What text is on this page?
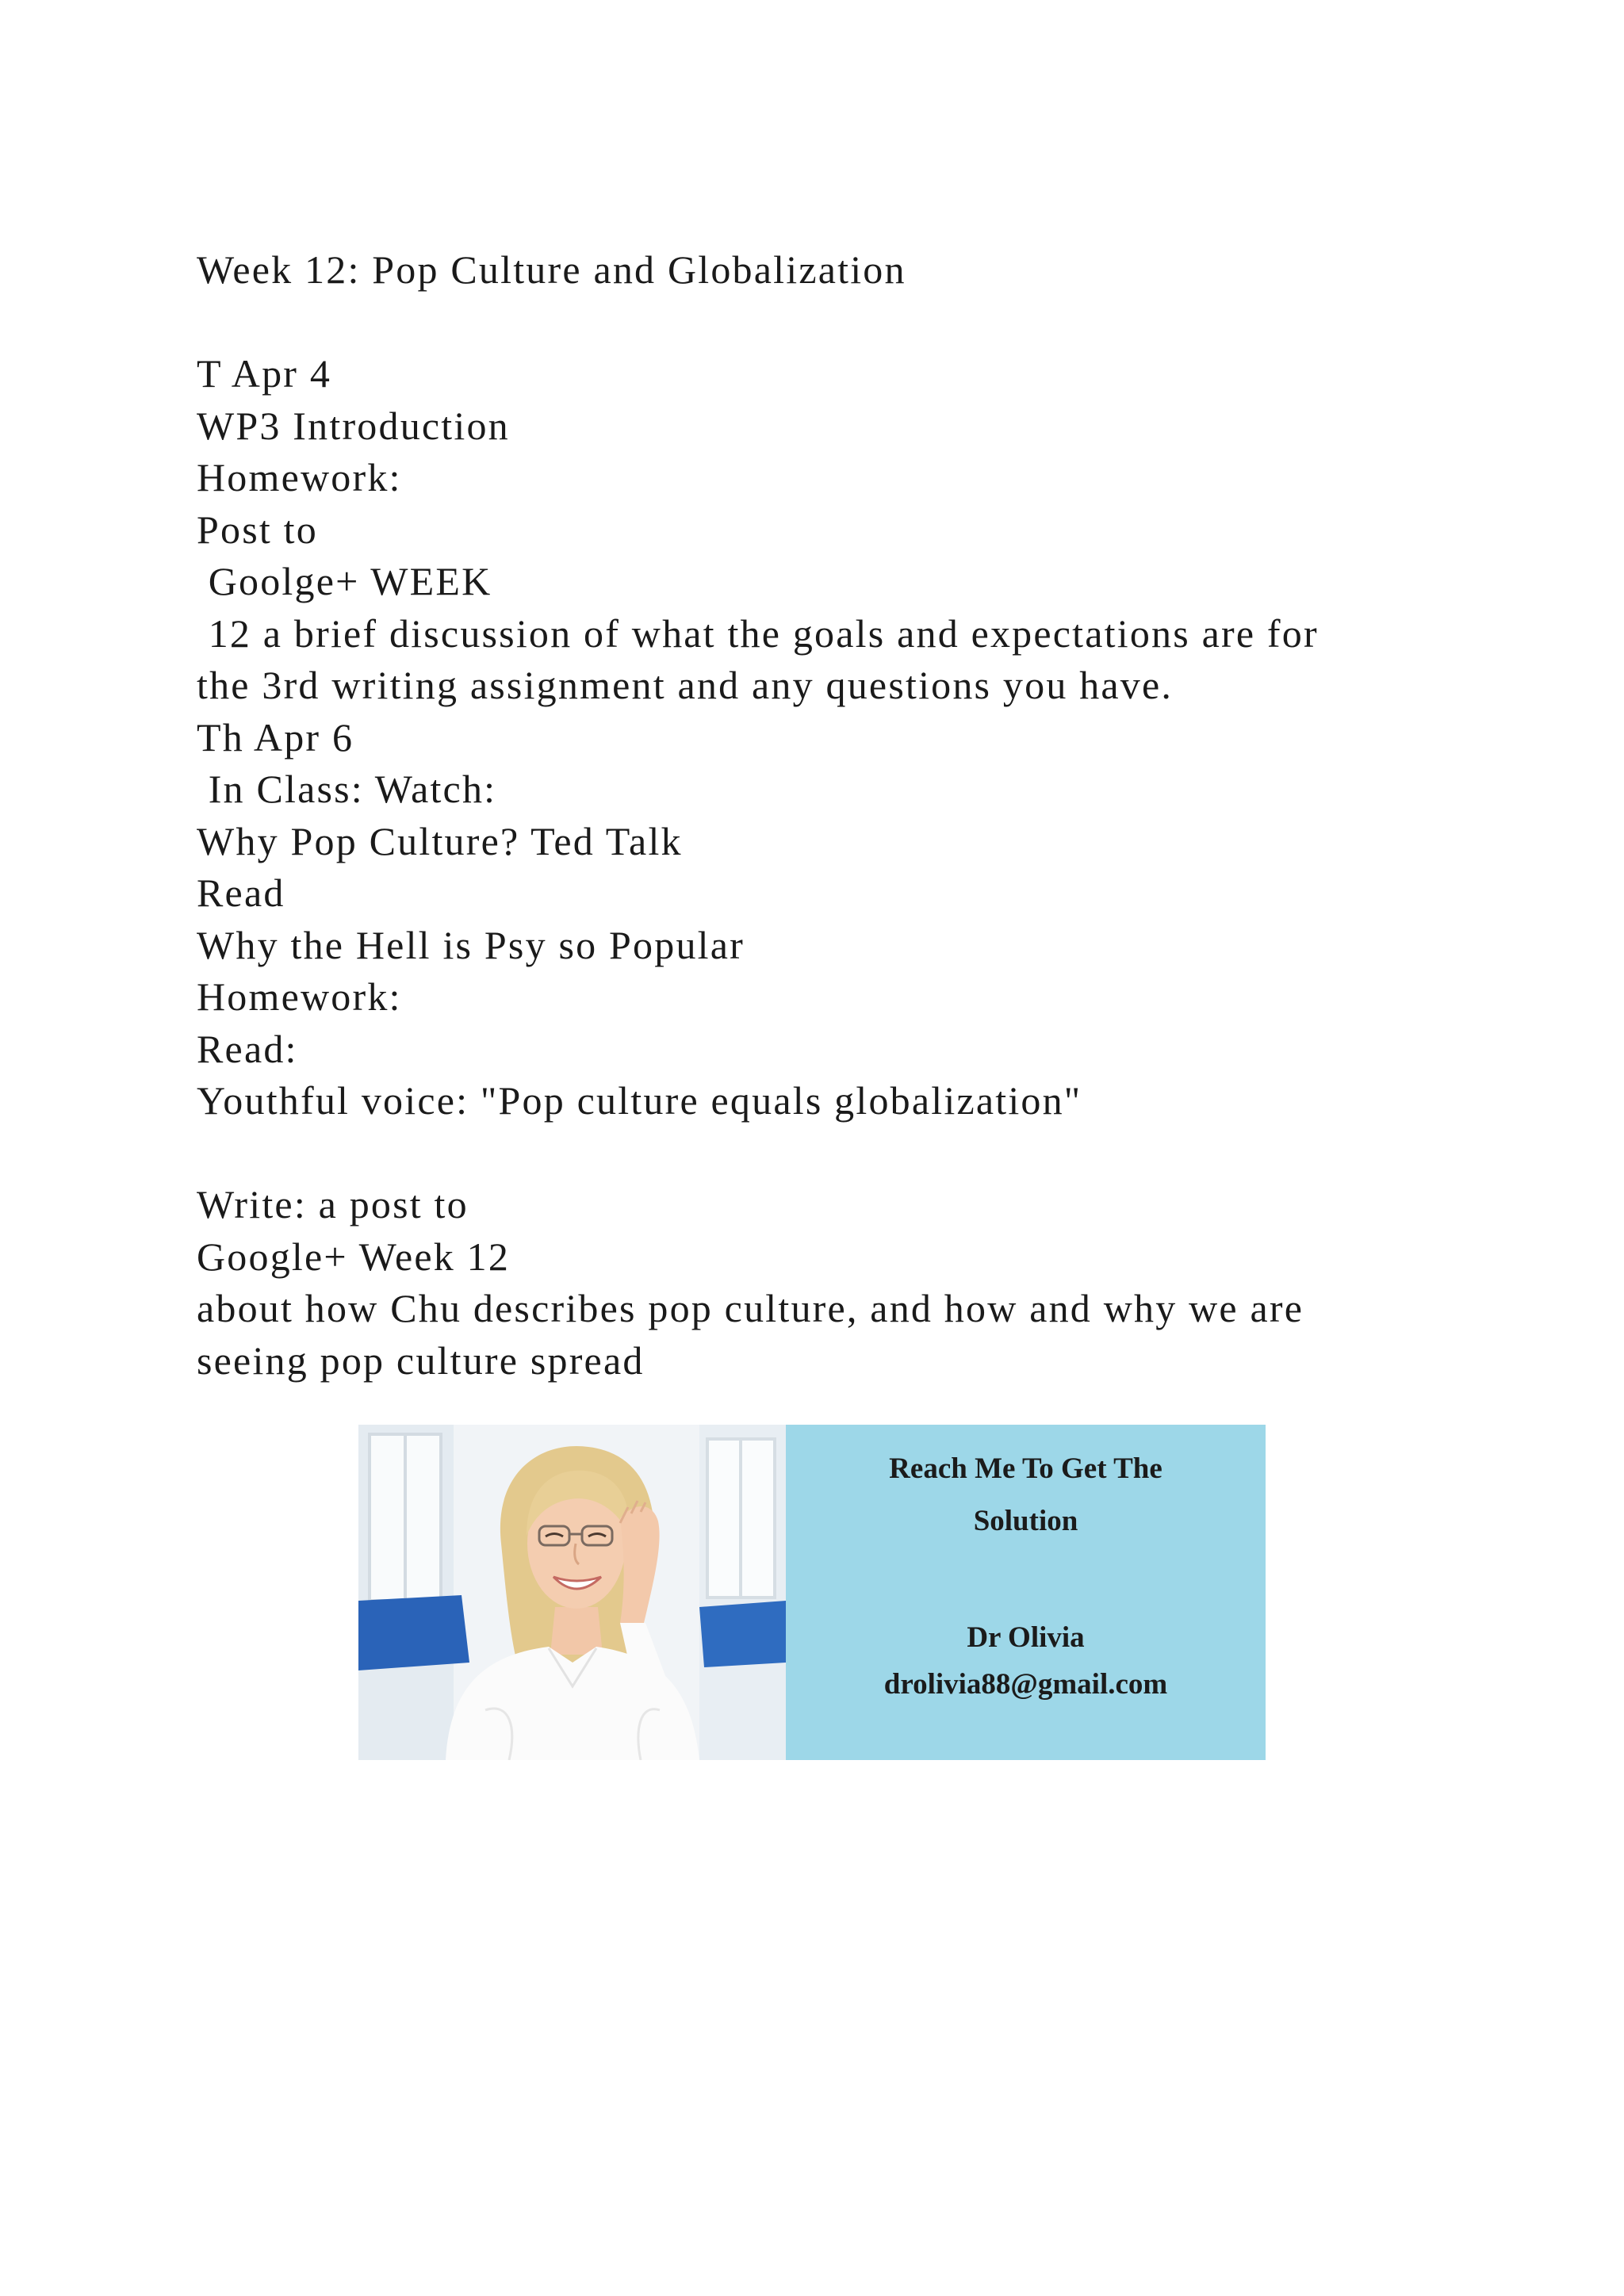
Week 12: Pop Culture and Globalization
T Apr 4
WP3 Introduction
Homework:
Post to
Goolge+ WEEK
12 a brief discussion of what the goals and expectations are for
the 3rd writing assignment and any questions you have.
Th Apr 6
In Class: Watch:
Why Pop Culture? Ted Talk
Read
Why the Hell is Psy so Popular
Homework:
Read:
Youthful voice: "Pop culture equals globalization"
Write: a post to
Google+ Week 12
about how Chu describes pop culture, and how and why we are
seeing pop culture spread
Reach Me To Get The
Solution
Dr Olivia
drolivia88@gmail.com
